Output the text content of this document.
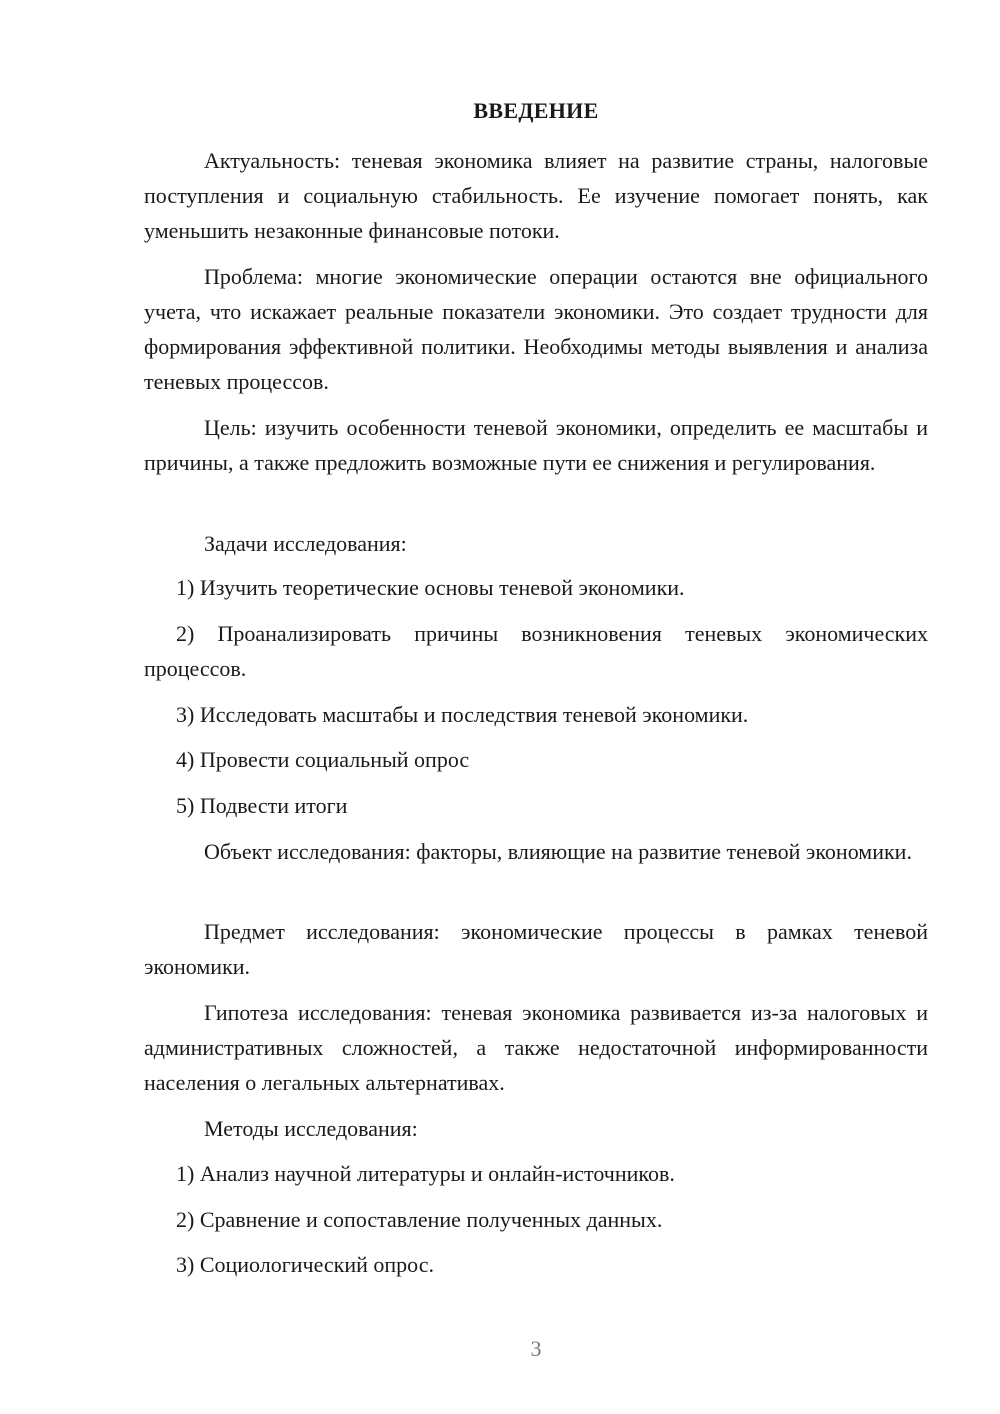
ВВЕДЕНИЕ

Актуальность: теневая экономика влияет на развитие страны, налоговые поступления и социальную стабильность. Ее изучение помогает понять, как уменьшить незаконные финансовые потоки.

Проблема: многие экономические операции остаются вне официального учета, что искажает реальные показатели экономики. Это создает трудности для формирования эффективной политики. Необходимы методы выявления и анализа теневых процессов.

Цель: изучить особенности теневой экономики, определить ее масштабы и причины, а также предложить возможные пути ее снижения и регулирования.

Задачи исследования:

1) Изучить теоретические основы теневой экономики.

2) Проанализировать причины возникновения теневых экономических процессов.

3) Исследовать масштабы и последствия теневой экономики.

4) Провести социальный опрос

5) Подвести итоги

Объект исследования: факторы, влияющие на развитие теневой экономики.

Предмет исследования: экономические процессы в рамках теневой экономики.

Гипотеза исследования: теневая экономика развивается из-за налоговых и административных сложностей, а также недостаточной информированности населения о легальных альтернативах.

Методы исследования:

1) Анализ научной литературы и онлайн-источников.

2) Сравнение и сопоставление полученных данных.

3) Социологический опрос.

3
